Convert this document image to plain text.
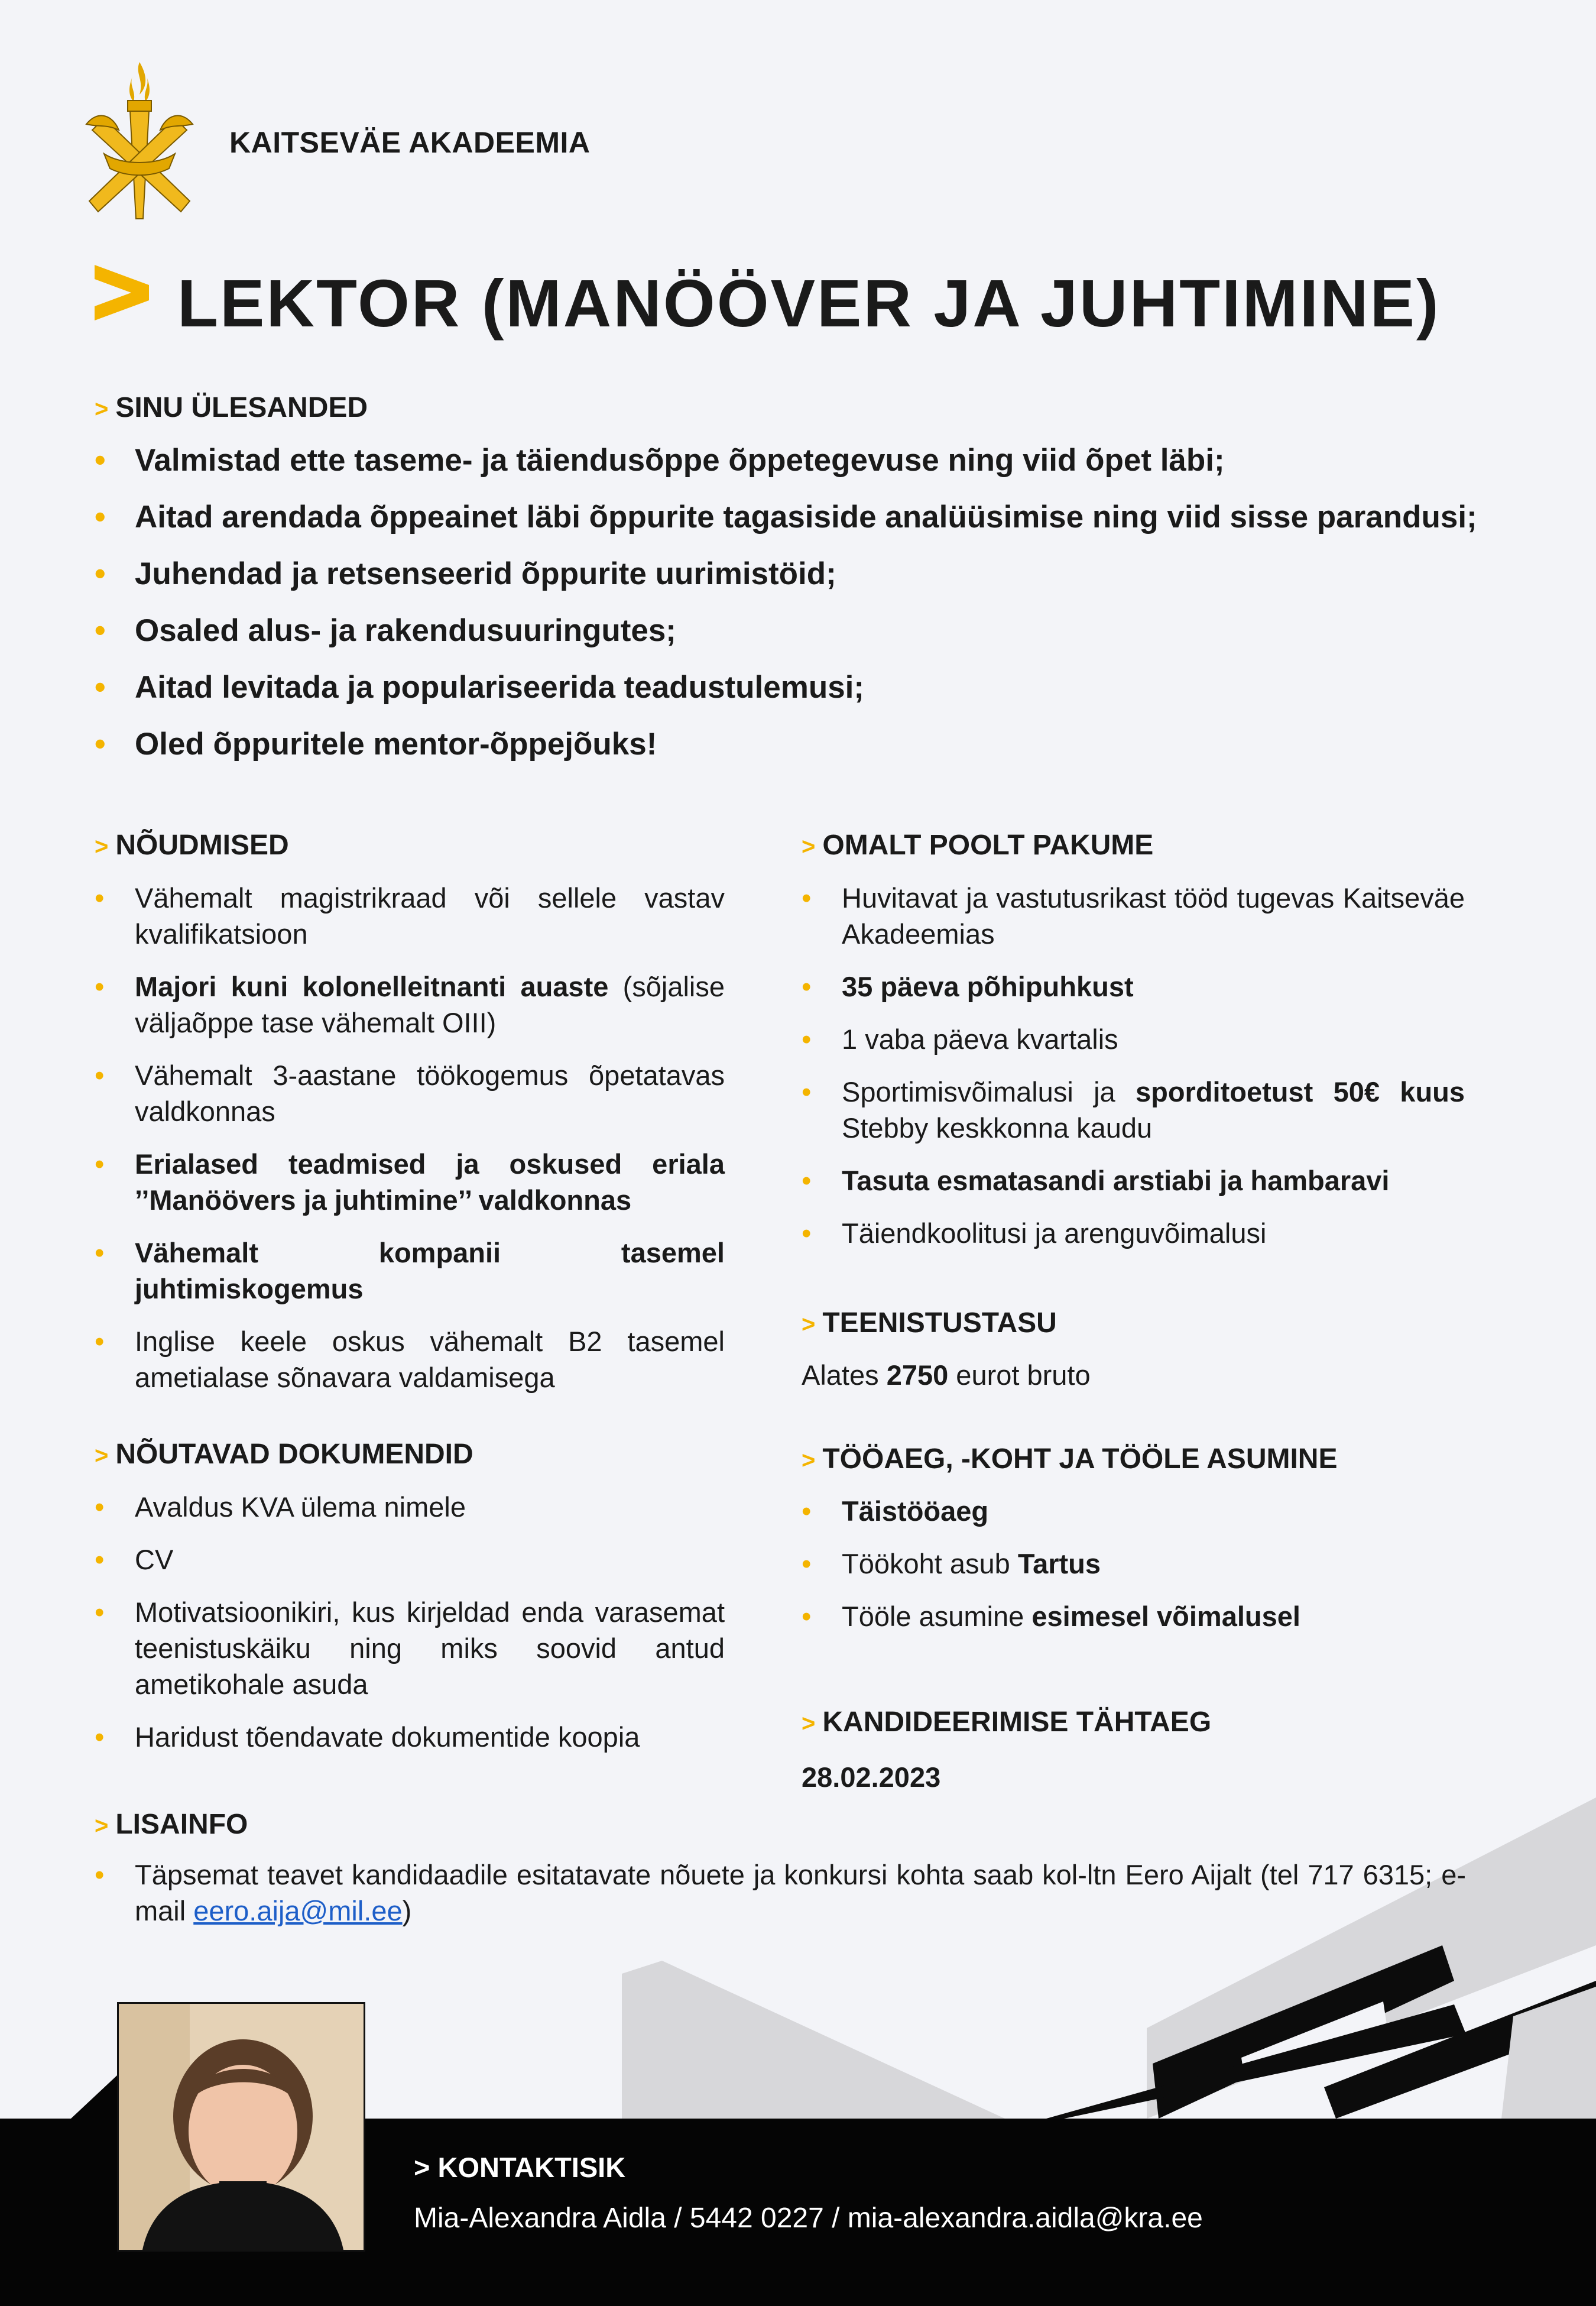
KAITSEVÄE AKADEEMIA
LEKTOR (MANÖÖVER JA JUHTIMINE)
> SINU ÜLESANDED
• Valmistad ette taseme- ja täiendusõppe õppetegevuse ning viid õpet läbi;
• Aitad arendada õppeainet läbi õppurite tagasiside analüüsimise ning viid sisse parandusi;
• Juhendad ja retsenseerid õppurite uurimistöid;
• Osaled alus- ja rakendusuuringutes;
• Aitad levitada ja populariseerida teadustulemusi;
• Oled õppuritele mentor-õppejõuks!
> NÕUDMISED
• Vähemalt magistrikraad või sellele vastav kvalifikatsioon
• Majori kuni kolonelleitnanti auaste (sõjalise väljaõppe tase vähemalt OIII)
• Vähemalt 3-aastane töökogemus õpetatavas valdkonnas
• Erialased teadmised ja oskused eriala ’’Manöövers ja juhtimine’’ valdkonnas
• Vähemalt kompanii tasemel juhtimiskogemus
• Inglise keele oskus vähemalt B2 tasemel ametialase sõnavara valdamisega
> NÕUTAVAD DOKUMENDID
• Avaldus KVA ülema nimele
• CV
• Motivatsioonikiri, kus kirjeldad enda varasemat teenistuskäiku ning miks soovid antud ametikohale asuda
• Haridust tõendavate dokumentide koopia
> OMALT POOLT PAKUME
• Huvitavat ja vastutusrikast tööd tugevas Kaitseväe Akadeemias
• 35 päeva põhipuhkust
• 1 vaba päeva kvartalis
• Sportimisvõimalusi ja sporditoetust 50€ kuus Stebby keskkonna kaudu
• Tasuta esmatasandi arstiabi ja hambaravi
• Täiendkoolitusi ja arenguvõimalusi
> TEENISTUSTASU
Alates 2750 eurot bruto
> TÖÖAEG, -KOHT JA TÖÖLE ASUMINE
• Täistööaeg
• Töökoht asub Tartus
• Tööle asumine esimesel võimalusel
> KANDIDEERIMISE TÄHTAEG
28.02.2023
> LISAINFO
• Täpsemat teavet kandidaadile esitatavate nõuete ja konkursi kohta saab kol-ltn Eero Aijalt (tel 717 6315; e-mail eero.aija@mil.ee)
> KONTAKTISIK
Mia-Alexandra Aidla / 5442 0227 / mia-alexandra.aidla@kra.ee
